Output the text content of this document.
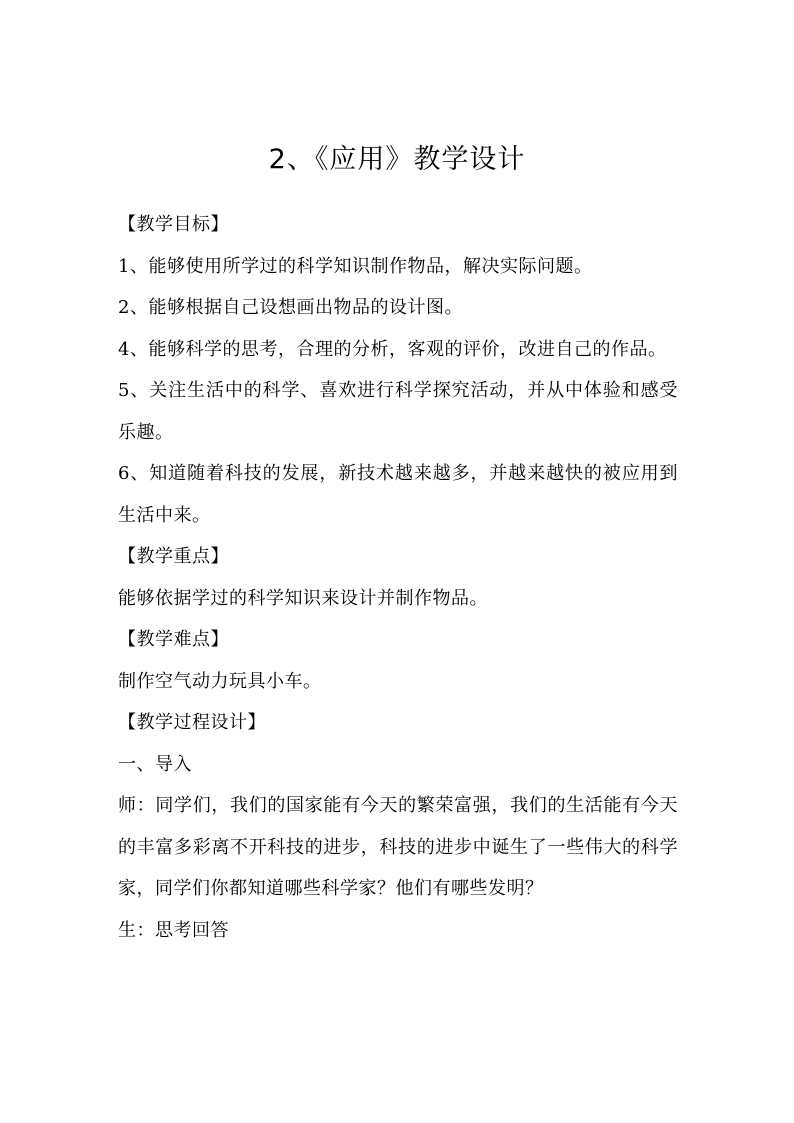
2、《应用》教学设计

【教学目标】

1、能够使用所学过的科学知识制作物品，解决实际问题。

2、能够根据自己设想画出物品的设计图。

4、能够科学的思考，合理的分析，客观的评价，改进自己的作品。

5、关注生活中的科学、喜欢进行科学探究活动，并从中体验和感受乐趣。

6、知道随着科技的发展，新技术越来越多，并越来越快的被应用到生活中来。

【教学重点】

能够依据学过的科学知识来设计并制作物品。

【教学难点】

制作空气动力玩具小车。

【教学过程设计】

一、导入

师：同学们，我们的国家能有今天的繁荣富强，我们的生活能有今天的丰富多彩离不开科技的进步，科技的进步中诞生了一些伟大的科学家，同学们你都知道哪些科学家？他们有哪些发明？

生：思考回答
